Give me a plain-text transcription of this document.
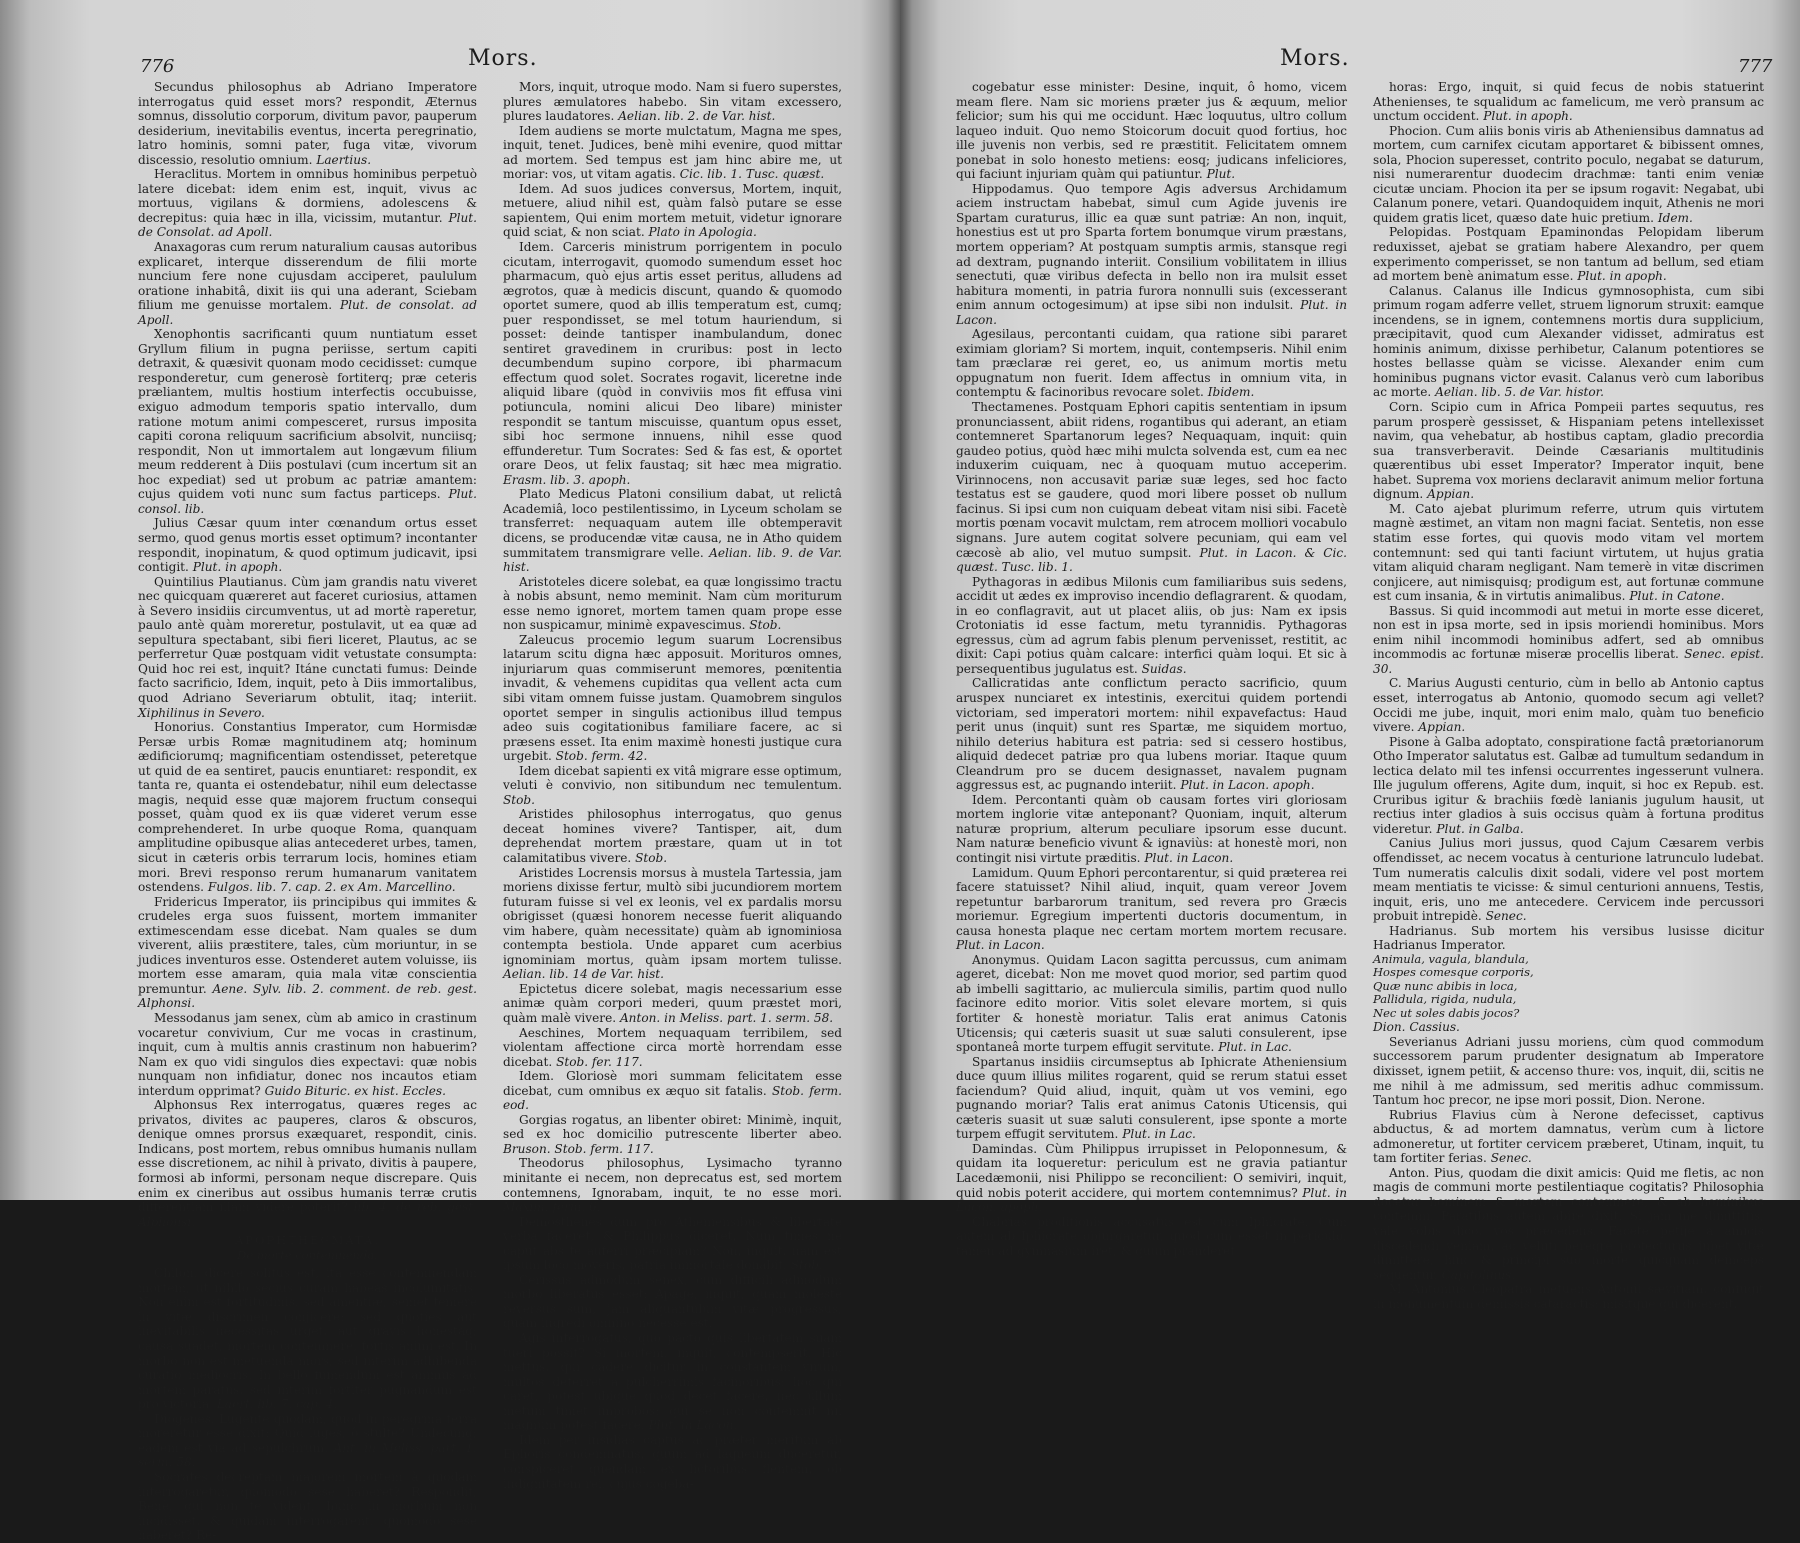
776	Mors.

Secundus philosophus ab Adriano Imperatore interrogatus quid esset mors? respondit, Æternus somnus, dissolutio corporum, divitum pavor, pauperum desiderium, inevitabilis eventus, incerta peregrinatio, latro hominis, somni pater, fuga vitæ, vivorum discessio, resolutio omnium. Laertius.

Heraclitus. Mortem in omnibus hominibus perpetuò latere dicebat: idem enim est, inquit, vivus ac mortuus, vigilans & dormiens, adolescens & decrepitus: quia hæc in illa, vicissim, mutantur. Plut. de Consolat. ad Apoll.

Anaxagoras cum rerum naturalium causas autoribus explicaret, interque disserendum de filii morte nuncium fere none cujusdam acciperet, paululum oratione inhabitâ, dixit iis qui una aderant, Sciebam filium me genuisse mortalem. Plut. de consolat. ad Apoll.

Xenophontis sacrificanti quum nuntiatum esset Gryllum filium in pugna periisse, sertum capiti detraxit, & quæsivit quonam modo cecidisset: cumque responderetur, cum generosè fortiterq; præ ceteris præliantem, multis hostium interfectis occubuisse, exiguo admodum temporis spatio intervallo, dum ratione motum animi compesceret, rursus imposita capiti corona reliquum sacrificium absolvit, nunciisq; respondit, Non ut immortalem aut longævum filium meum redderent à Diis postulavi (cum incertum sit an hoc expediat) sed ut probum ac patriæ amantem: cujus quidem voti nunc sum factus particeps. Plut. consol. lib.

Julius Cæsar quum inter cœnandum ortus esset sermo, quod genus mortis esset optimum? incontanter respondit, inopinatum, & quod optimum judicavit, ipsi contigit. Plut. in apoph.

Quintilius Plautianus. Cùm jam grandis natu viveret nec quicquam quæreret aut faceret curiosius, attamen à Severo insidiis circumventus, ut ad mortè raperetur, paulo antè quàm moreretur, postulavit, ut ea quæ ad sepultura spectabant, sibi fieri liceret, Plautus, ac se perferretur Quæ postquam vidit vetustate consumpta: Quid hoc rei est, inquit? Itáne cunctati fumus: Deinde facto sacrificio, Idem, inquit, peto à Diis immortalibus, quod Adriano Severiarum obtulit, itaq; interiit. Xiphilinus in Severo.

Honorius. Constantius Imperator, cum Hormisdæ Persæ urbis Romæ magnitudinem atq; hominum ædificiorumq; magnificentiam ostendisset, peteretque ut quid de ea sentiret, paucis enuntiaret: respondit, ex tanta re, quanta ei ostendebatur, nihil eum delectasse magis, nequid esse quæ majorem fructum consequi posset, quàm quod ex iis quæ videret verum esse comprehenderet. In urbe quoque Roma, quanquam amplitudine opibusque alias antecederet urbes, tamen, sicut in cæteris orbis terrarum locis, homines etiam mori. Brevi responso rerum humanarum vanitatem ostendens. Fulgos. lib. 7. cap. 2. ex Am. Marcellino.

Fridericus Imperator, iis principibus qui immites & crudeles erga suos fuissent, mortem immaniter extimescendam esse dicebat. Nam quales se dum viverent, aliis præstitere, tales, cùm moriuntur, in se judices inventuros esse. Ostenderet autem voluisse, iis mortem esse amaram, quia mala vitæ conscientia premuntur. Aene. Sylv. lib. 2. comment. de reb. gest. Alphonsi.

Messodanus jam senex, cùm ab amico in crastinum vocaretur convivium, Cur me vocas in crastinum, inquit, cum à multis annis crastinum non habuerim? Nam ex quo vidi singulos dies expectavi: quæ nobis nunquam non infidiatur, donec nos incautos etiam interdum opprimat? Guido Bituric. ex hist. Eccles.

Alphonsus Rex interrogatus, quæres reges ac privatos, divites ac pauperes, claros & obscuros, denique omnes prorsus exæquaret, respondit, cinis. Indicans, post mortem, rebus omnibus humanis nullam esse discretionem, ac nihil à privato, divitis à paupere, formosi ab informi, personam neque discrepare. Quis enim ex cineribus aut ossibus humanis terræ crutis differentiam illam videre poterit? lib. 4. de reb. gest. Alphonsi.

APOPHTHEGMATA.

De morte contemnenda.

Chilon, dicere solitus est, ita esse contemnendam mortem, ut nihilo secius curam habeas incolumitatis. Non enim est fortitudinis, sed amentiæ, semet temerè in vitæ discrimen conjicere: sed quoties aut inevitabilis necessitas urget, aut gravis honestaq; causa suadet, mortem contemnere, fortis animi est. In morbo non est metuenda mors, sed interim adhibenda curatio mediocris. In bello fumendum est animus ad mortem paratus, sed interim fortiter pugnandum est pro victoria. Laert. lib. 7. cap. 4.

Diogenes, Lugente quodam, quod in peregrina terra moreretur esse dixit: Quid luges, ô stulte? Undecunq; eadem est via ad sepulchrum. Ant. in Meliss. part. 1. serm. 58.

Socrates decreptam majorem mortem à quodam interrogaretur, quomodo sese haberet? Respondit, Benè, qui non te vident, hunc in morbum non incidisset, & quidam interrogarent, quomodo sese haberet? Re-

Mors, inquit, utroque modo. Nam si fuero superstes, plures æmulatores habebo. Sin vitam excessero, plures laudatores. Aelian. lib. 2. de Var. hist.

Idem audiens se morte mulctatum, Magna me spes, inquit, tenet. Judices, benè mihi evenire, quod mittar ad mortem. Sed tempus est jam hinc abire me, ut moriar: vos, ut vitam agatis. Cic. lib. 1. Tusc. quæst.

Idem. Ad suos judices conversus, Mortem, inquit, metuere, aliud nihil est, quàm falsò putare se esse sapientem, Qui enim mortem metuit, videtur ignorare quid sciat, & non sciat. Plato in Apologia.

Idem. Carceris ministrum porrigentem in poculo cicutam, interrogavit, quomodo sumendum esset hoc pharmacum, quò ejus artis esset peritus, alludens ad ægrotos, quæ à medicis discunt, quando & quomodo oportet sumere, quod ab illis temperatum est, cumq; puer respondisset, se mel totum hauriendum, si posset: deinde tantisper inambulandum, donec sentiret gravedinem in cruribus: post in lecto decumbendum supino corpore, ibi pharmacum effectum quod solet. Socrates rogavit, liceretne inde aliquid libare (quòd in conviviis mos fit effusa vini potiuncula, nomini alicui Deo libare) minister respondit se tantum miscuisse, quantum opus esset, sibi hoc sermone innuens, nihil esse quod effunderetur. Tum Socrates: Sed & fas est, & oportet orare Deos, ut felix faustaq; sit hæc mea migratio. Erasm. lib. 3. apoph.

Plato Medicus Platoni consilium dabat, ut relictâ Academiâ, loco pestilentissimo, in Lyceum scholam se transferret: nequaquam autem ille obtemperavit dicens, se producendæ vitæ causa, ne in Atho quidem summitatem transmigrare velle. Aelian. lib. 9. de Var. hist.

Aristoteles dicere solebat, ea quæ longissimo tractu à nobis absunt, nemo meminit. Nam cùm moriturum esse nemo ignoret, mortem tamen quam prope esse non suspicamur, minimè expavescimus. Stob.

Zaleucus procemio legum suarum Locrensibus latarum scitu digna hæc apposuit. Morituros omnes, injuriarum quas commiserunt memores, pœnitentia invadit, & vehemens cupiditas qua vellent acta cum sibi vitam omnem fuisse justam. Quamobrem singulos oportet semper in singulis actionibus illud tempus adeo suis cogitationibus familiare facere, ac si præsens esset. Ita enim maximè honesti justique cura urgebit. Stob. ferm. 42.

Idem dicebat sapienti ex vitâ migrare esse optimum, veluti è convivio, non sitibundum nec temulentum. Stob.

Aristides philosophus interrogatus, quo genus deceat homines vivere? Tantisper, ait, dum deprehendat mortem præstare, quam ut in tot calamitatibus vivere. Stob.

Aristides Locrensis morsus à mustela Tartessia, jam moriens dixisse fertur, multò sibi jucundiorem mortem futuram fuisse si vel ex leonis, vel ex pardalis morsu obrigisset (quæsi honorem necesse fuerit aliquando vim habere, quàm necessitate) quàm ab ignominiosa contempta bestiola. Unde apparet cum acerbius ignominiam mortus, quàm ipsam mortem tulisse. Aelian. lib. 14 de Var. hist.

Epictetus dicere solebat, magis necessarium esse animæ quàm corpori mederi, quum præstet mori, quàm malè vivere. Anton. in Meliss. part. 1. serm. 58.

Aeschines, Mortem nequaquam terribilem, sed violentam affectione circa mortè horrendam esse dicebat. Stob. fer. 117.

Idem. Gloriosè mori summam felicitatem esse dicebat, cum omnibus ex æquo sit fatalis. Stob. ferm. eod.

Gorgias rogatus, an libenter obiret: Minimè, inquit, sed ex hoc domicilio putrescente liberter abeo. Bruson. Stob. ferm. 117.

Theodorus philosophus, Lysimacho tyranno minitante ei necem, non deprecatus est, sed mortem contemnens, Ignorabam, inquit, te no esse mori. Maxim. ferm. 6.

Demosthenes dum pro Atheniensibus & libertate verba faceret, & Philippus diceret, Num times ne caput abs te auferri præcipiam? Non, inquit, nam est ipsum loco moveris, patria immortale donabit. Stob.

Cerissus admodum senex, cum difficili admodum morbo liberatus esset: Apage, inquit, quàm molestè reversus sum, jam aliquantulum vitæ progressus, quàm ingredi omnino necesse est.

Agis interrogatus, quo pacto quis libertatem suam tueri possit? Si mortem, inquit, contempserit. Hic mettus, qui cadere dicitur in constantem virum, multos deterret à pulcherrimis facinoribus: hoc qui caret, potest ubique quod decet facere, nec ullum metum timet improbos: qui se non contemnit nil magnum potest facere. Plut. in Lacon.

Idem per insidias captus ac præter meritum ab Ephoris condemnatus, quum ad laqueum duceretur, conspiceret quendam ex lictoribus flentem, ob indignitatem rei, cujus cogeba-

Mors.	777

cogebatur esse minister: Desine, inquit, ô homo, vicem meam flere. Nam sic moriens præter jus & æquum, melior felicior; sum his qui me occidunt. Hæc loquutus, ultro collum laqueo induit. Quo nemo Stoicorum docuit quod fortius, hoc ille juvenis non verbis, sed re præstitit. Felicitatem omnem ponebat in solo honesto metiens: eosq; judicans infeliciores, qui faciunt injuriam quàm qui patiuntur. Plut.

Hippodamus. Quo tempore Agis adversus Archidamum aciem instructam habebat, simul cum Agide juvenis ire Spartam curaturus, illic ea quæ sunt patriæ: An non, inquit, honestius est ut pro Sparta fortem bonumque virum præstans, mortem opperiam? At postquam sumptis armis, stansque regi ad dextram, pugnando interiit. Consilium vobilitatem in illius senectuti, quæ viribus defecta in bello non ira mulsit esset habitura momenti, in patria furora nonnulli suis (excesserant enim annum octogesimum) at ipse sibi non indulsit. Plut. in Lacon.

Agesilaus, percontanti cuidam, qua ratione sibi pararet eximiam gloriam? Si mortem, inquit, contempseris. Nihil enim tam præclaræ rei geret, eo, us animum mortis metu oppugnatum non fuerit. Idem affectus in omnium vita, in contemptu & facinoribus revocare solet. Ibidem.

Thectamenes. Postquam Ephori capitis sententiam in ipsum pronunciassent, abiit ridens, rogantibus qui aderant, an etiam contemneret Spartanorum leges? Nequaquam, inquit: quin gaudeo potius, quòd hæc mihi mulcta solvenda est, cum ea nec induxerim cuiquam, nec à quoquam mutuo acceperim. Virinnocens, non accusavit pariæ suæ leges, sed hoc facto testatus est se gaudere, quod mori libere posset ob nullum facinus. Si ipsi cum non cuiquam debeat vitam nisi sibi. Facetè mortis pœnam vocavit mulctam, rem atrocem molliori vocabulo signans. Jure autem cogitat solvere pecuniam, qui eam vel cæcosè ab alio, vel mutuo sumpsit. Plut. in Lacon. & Cic. quæst. Tusc. lib. 1.

Pythagoras in ædibus Milonis cum familiaribus suis sedens, accidit ut ædes ex improviso incendio deflagrarent. & quodam, in eo conflagravit, aut ut placet aliis, ob jus: Nam ex ipsis Crotoniatis id esse factum, metu tyrannidis. Pythagoras egressus, cùm ad agrum fabis plenum pervenisset, restitit, ac dixit: Capi potius quàm calcare: interfici quàm loqui. Et sic à persequentibus jugulatus est. Suidas.

Callicratidas ante conflictum peracto sacrificio, quum aruspex nunciaret ex intestinis, exercitui quidem portendi victoriam, sed imperatori mortem: nihil expavefactus: Haud perit unus (inquit) sunt res Spartæ, me siquidem mortuo, nihilo deterius habitura est patria: sed si cessero hostibus, aliquid dedecet patriæ pro qua lubens moriar. Itaque quum Cleandrum pro se ducem designasset, navalem pugnam aggressus est, ac pugnando interiit. Plut. in Lacon. apoph.

Idem. Percontanti quàm ob causam fortes viri gloriosam mortem inglorie vitæ anteponant? Quoniam, inquit, alterum naturæ proprium, alterum peculiare ipsorum esse ducunt. Nam naturæ beneficio vivunt & ignaviùs: at honestè mori, non contingit nisi virtute præditis. Plut. in Lacon.

Lamidum. Quum Ephori percontarentur, si quid præterea rei facere statuisset? Nihil aliud, inquit, quam vereor Jovem repetuntur barbarorum tranitum, sed revera pro Græcis moriemur. Egregium impertenti ductoris documentum, in causa honesta plaque nec certam mortem mortem recusare. Plut. in Lacon.

Anonymus. Quidam Lacon sagitta percussus, cum animam ageret, dicebat: Non me movet quod morior, sed partim quod ab imbelli sagittario, ac muliercula similis, partim quod nullo facinore edito morior. Vitis solet elevare mortem, si quis fortiter & honestè moriatur. Talis erat animus Catonis Uticensis; qui cæteris suasit ut suæ saluti consulerent, ipse spontaneâ morte turpem effugit servitute. Plut. in Lac.

Spartanus insidiis circumseptus ab Iphicrate Atheniensium duce quum illius milites rogarent, quid se rerum statui esset faciendum? Quid aliud, inquit, quàm ut vos vemini, ego pugnando moriar? Talis erat animus Catonis Uticensis, qui cæteris suasit ut suæ saluti consulerent, ipse sponte a morte turpem effugit servitutem. Plut. in Lac.

Damindas. Cùm Philippus irrupisset in Peloponnesum, & quidam ita loqueretur: periculum est ne gravia patiantur Lacedæmonii, nisi Philippo se reconcilient: O semiviri, inquit, quid nobis poterit accidere, qui mortem contemnimus? Plut. in Lacon. apoph.

Chabrias proditionis accusatus est cum Iphicrate. Cùm autem ab Iphicrate objurgaretur, quòd cum esset in periculo, tamen ad gymnasium iret, & quum pranderet

horas: Ergo, inquit, si quid fecus de nobis statuerint Athenienses, te squalidum ac famelicum, me verò pransum ac unctum occident. Plut. in apoph.

Phocion. Cum aliis bonis viris ab Atheniensibus damnatus ad mortem, cum carnifex cicutam apportaret & bibissent omnes, sola, Phocion superesset, contrito poculo, negabat se daturum, nisi numerarentur duodecim drachmæ: tanti enim veniæ cicutæ unciam. Phocion ita per se ipsum rogavit: Negabat, ubi Calanum ponere, vetari. Quandoquidem inquit, Athenis ne mori quidem gratis licet, quæso date huic pretium. Idem.

Pelopidas. Postquam Epaminondas Pelopidam liberum reduxisset, ajebat se gratiam habere Alexandro, per quem experimento comperisset, se non tantum ad bellum, sed etiam ad mortem benè animatum esse. Plut. in apoph.

Calanus. Calanus ille Indicus gymnosophista, cum sibi primum rogam adferre vellet, struem lignorum struxit: eamque incendens, se in ignem, contemnens mortis dura supplicium, præcipitavit, quod cum Alexander vidisset, admiratus est hominis animum, dixisse perhibetur, Calanum potentiores se hostes bellasse quàm se vicisse. Alexander enim cum hominibus pugnans victor evasit. Calanus verò cum laboribus ac morte. Aelian. lib. 5. de Var. histor.

Corn. Scipio cum in Africa Pompeii partes sequutus, res parum prosperè gessisset, & Hispaniam petens intellexisset navim, qua vehebatur, ab hostibus captam, gladio precordia sua transverberavit. Deinde Cæsarianis multitudinis quærentibus ubi esset Imperator? Imperator inquit, bene habet. Suprema vox moriens declaravit animum melior fortuna dignum. Appian.

M. Cato ajebat plurimum referre, utrum quis virtutem magnè æstimet, an vitam non magni faciat. Sentetis, non esse statim esse fortes, qui quovis modo vitam vel mortem contemnunt: sed qui tanti faciunt virtutem, ut hujus gratia vitam aliquid charam negligant. Nam temerè in vitæ discrimen conjicere, aut nimisquisq; prodigum est, aut fortunæ commune est cum insania, & in virtutis animalibus. Plut. in Catone.

Bassus. Si quid incommodi aut metui in morte esse diceret, non est in ipsa morte, sed in ipsis moriendi hominibus. Mors enim nihil incommodi hominibus adfert, sed ab omnibus incommodis ac fortunæ miseræ procellis liberat. Senec. epist. 30.

C. Marius Augusti centurio, cùm in bello ab Antonio captus esset, interrogatus ab Antonio, quomodo secum agi vellet? Occidi me jube, inquit, mori enim malo, quàm tuo beneficio vivere. Appian.

Pisone à Galba adoptato, conspiratione factâ prætorianorum Otho Imperator salutatus est. Galbæ ad tumultum sedandum in lectica delato mil tes infensi occurrentes ingesserunt vulnera. Ille jugulum offerens, Agite dum, inquit, si hoc ex Repub. est. Cruribus igitur & brachiis fœdè lanianis jugulum hausit, ut rectius inter gladios à suis occisus quàm à fortuna proditus videretur. Plut. in Galba.

Canius Julius mori jussus, quod Cajum Cæsarem verbis offendisset, ac necem vocatus à centurione latrunculo ludebat. Tum numeratis calculis dixit sodali, videre vel post mortem meam mentiatis te vicisse: & simul centurioni annuens, Testis, inquit, eris, uno me antecedere. Cervicem inde percussori probuit intrepidè. Senec.

Hadrianus. Sub mortem his versibus lusisse dicitur Hadrianus Imperator.

Animula, vagula, blandula,
Hospes comesque corporis,
Quæ nunc abibis in loca,
Pallidula, rigida, nudula,
Nec ut soles dabis jocos?

Dion. Cassius.

Severianus Adriani jussu moriens, cùm quod commodum successorem parum prudenter designatum ab Imperatore dixisset, ignem petiit, & accenso thure: vos, inquit, dii, scitis ne me nihil à me admissum, sed meritis adhuc commissum. Tantum hoc precor, ne ipse mori possit, Dion. Nerone.

Rubrius Flavius cùm à Nerone defecisset, captivus abductus, & ad mortem damnatus, verùm cum à lictore admoneretur, ut fortiter cervicem præberet, Utinam, inquit, tu tam fortiter ferias. Senec.

Anton. Pius, quodam die dixit amicis: Quid me fletis, ac non magis de communi morte pestilentiaque cogitatis? Philosophia docetur hominem & mortem contemnere, & ab hominibus contemni. Paratibus autem abire dixit. Si jam me dimittitis, vale vobis dico, vos præcedens. Facetè petije à amicis discedendi veniam, ac veluti peregrè profecturus jubet vitæ dimittere, hinc & principi suo morte quicquam deinceps sequentur. Capitolinus.

M. Antonius Cleopatra metuens Antonii sævitiam, confugit in monumentum demissis cataractis: misitque qui dicerent,
